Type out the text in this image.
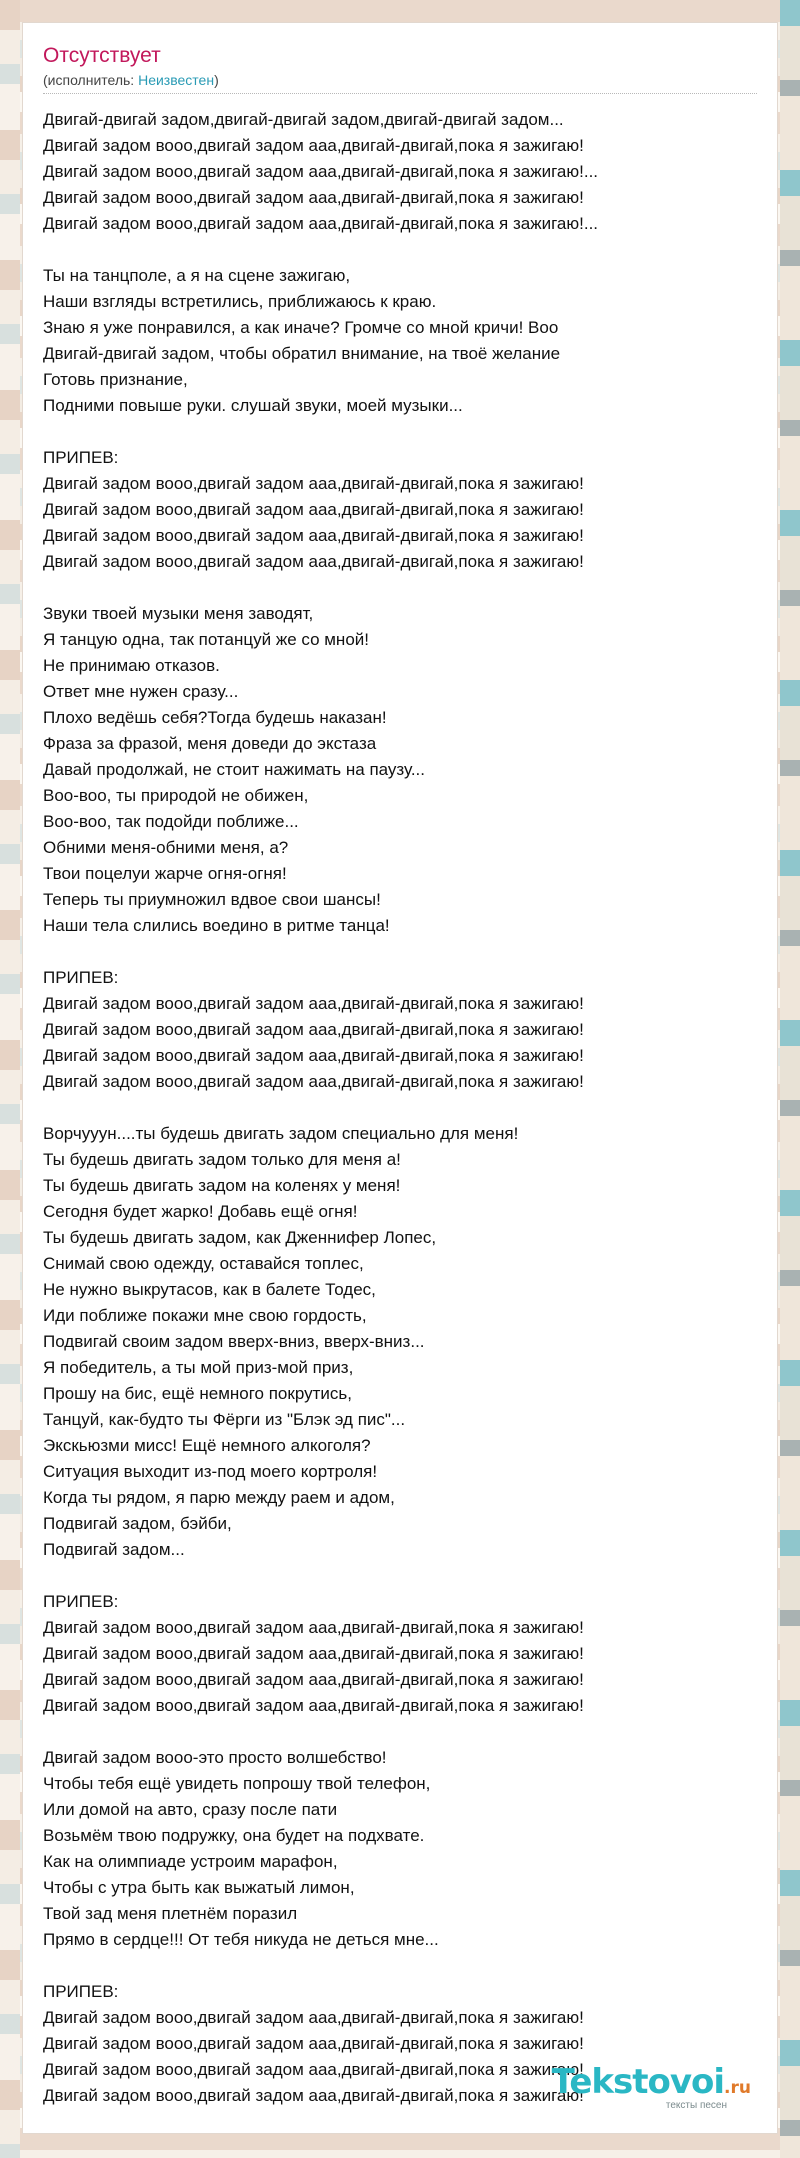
Отсутствует
(исполнитель: Неизвестен)
Двигай-двигай задом,двигай-двигай задом,двигай-двигай задом...
Двигай задом вооо,двигай задом ааа,двигай-двигай,пока я зажигаю!
Двигай задом вооо,двигай задом ааа,двигай-двигай,пока я зажигаю!...
Двигай задом вооо,двигай задом ааа,двигай-двигай,пока я зажигаю!
Двигай задом вооо,двигай задом ааа,двигай-двигай,пока я зажигаю!...
Ты на танцполе, а я на сцене зажигаю,
Наши взгляды встретились, приближаюсь к краю.
Знаю я уже понравился, а как иначе? Громче со мной кричи! Воо
Двигай-двигай задом, чтобы обратил внимание, на твоё желание
Готовь признание,
Подними повыше руки. слушай звуки, моей музыки...
ПРИПЕВ:
Двигай задом вооо,двигай задом ааа,двигай-двигай,пока я зажигаю!
Двигай задом вооо,двигай задом ааа,двигай-двигай,пока я зажигаю!
Двигай задом вооо,двигай задом ааа,двигай-двигай,пока я зажигаю!
Двигай задом вооо,двигай задом ааа,двигай-двигай,пока я зажигаю!
Звуки твоей музыки меня заводят,
Я танцую одна, так потанцуй же со мной!
Не принимаю отказов.
Ответ мне нужен сразу...
Плохо ведёшь себя?Тогда будешь наказан!
Фраза за фразой, меня доведи до экстаза
Давай продолжай, не стоит нажимать на паузу...
Воо-воо, ты природой не обижен,
Воо-воо, так подойди поближе...
Обними меня-обними меня, а?
Твои поцелуи жарче огня-огня!
Теперь ты приумножил вдвое свои шансы!
Наши тела слились воедино в ритме танца!
ПРИПЕВ:
Двигай задом вооо,двигай задом ааа,двигай-двигай,пока я зажигаю!
Двигай задом вооо,двигай задом ааа,двигай-двигай,пока я зажигаю!
Двигай задом вооо,двигай задом ааа,двигай-двигай,пока я зажигаю!
Двигай задом вооо,двигай задом ааа,двигай-двигай,пока я зажигаю!
Ворчууун....ты будешь двигать задом специально для меня!
Ты будешь двигать задом только для меня а!
Ты будешь двигать задом на коленях у меня!
Сегодня будет жарко! Добавь ещё огня!
Ты будешь двигать задом, как Дженнифер Лопес,
Снимай свою одежду, оставайся топлес,
Не нужно выкрутасов, как в балете Тодес,
Иди поближе покажи мне свою гордость,
Подвигай своим задом вверх-вниз, вверх-вниз...
Я победитель, а ты мой приз-мой приз,
Прошу на бис, ещё немного покрутись,
Танцуй, как-будто ты Фёрги из "Блэк эд пис"...
Экскьюзми мисс! Ещё немного алкоголя?
Ситуация выходит из-под моего кортроля!
Когда ты рядом, я парю между раем и адом,
Подвигай задом, бэйби,
Подвигай задом...
ПРИПЕВ:
Двигай задом вооо,двигай задом ааа,двигай-двигай,пока я зажигаю!
Двигай задом вооо,двигай задом ааа,двигай-двигай,пока я зажигаю!
Двигай задом вооо,двигай задом ааа,двигай-двигай,пока я зажигаю!
Двигай задом вооо,двигай задом ааа,двигай-двигай,пока я зажигаю!
Двигай задом вооо-это просто волшебство!
Чтобы тебя ещё увидеть попрошу твой телефон,
Или домой на авто, сразу после пати
Возьмём твою подружку, она будет на подхвате.
Как на олимпиаде устроим марафон,
Чтобы с утра быть как выжатый лимон,
Твой зад меня плетнём поразил
Прямо в сердце!!! От тебя никуда не деться мне...
ПРИПЕВ:
Двигай задом вооо,двигай задом ааа,двигай-двигай,пока я зажигаю!
Двигай задом вооо,двигай задом ааа,двигай-двигай,пока я зажигаю!
Двигай задом вооо,двигай задом ааа,двигай-двигай,пока я зажигаю!
Двигай задом вооо,двигай задом ааа,двигай-двигай,пока я зажигаю!
Tekstovoi.ru
тексты песен
